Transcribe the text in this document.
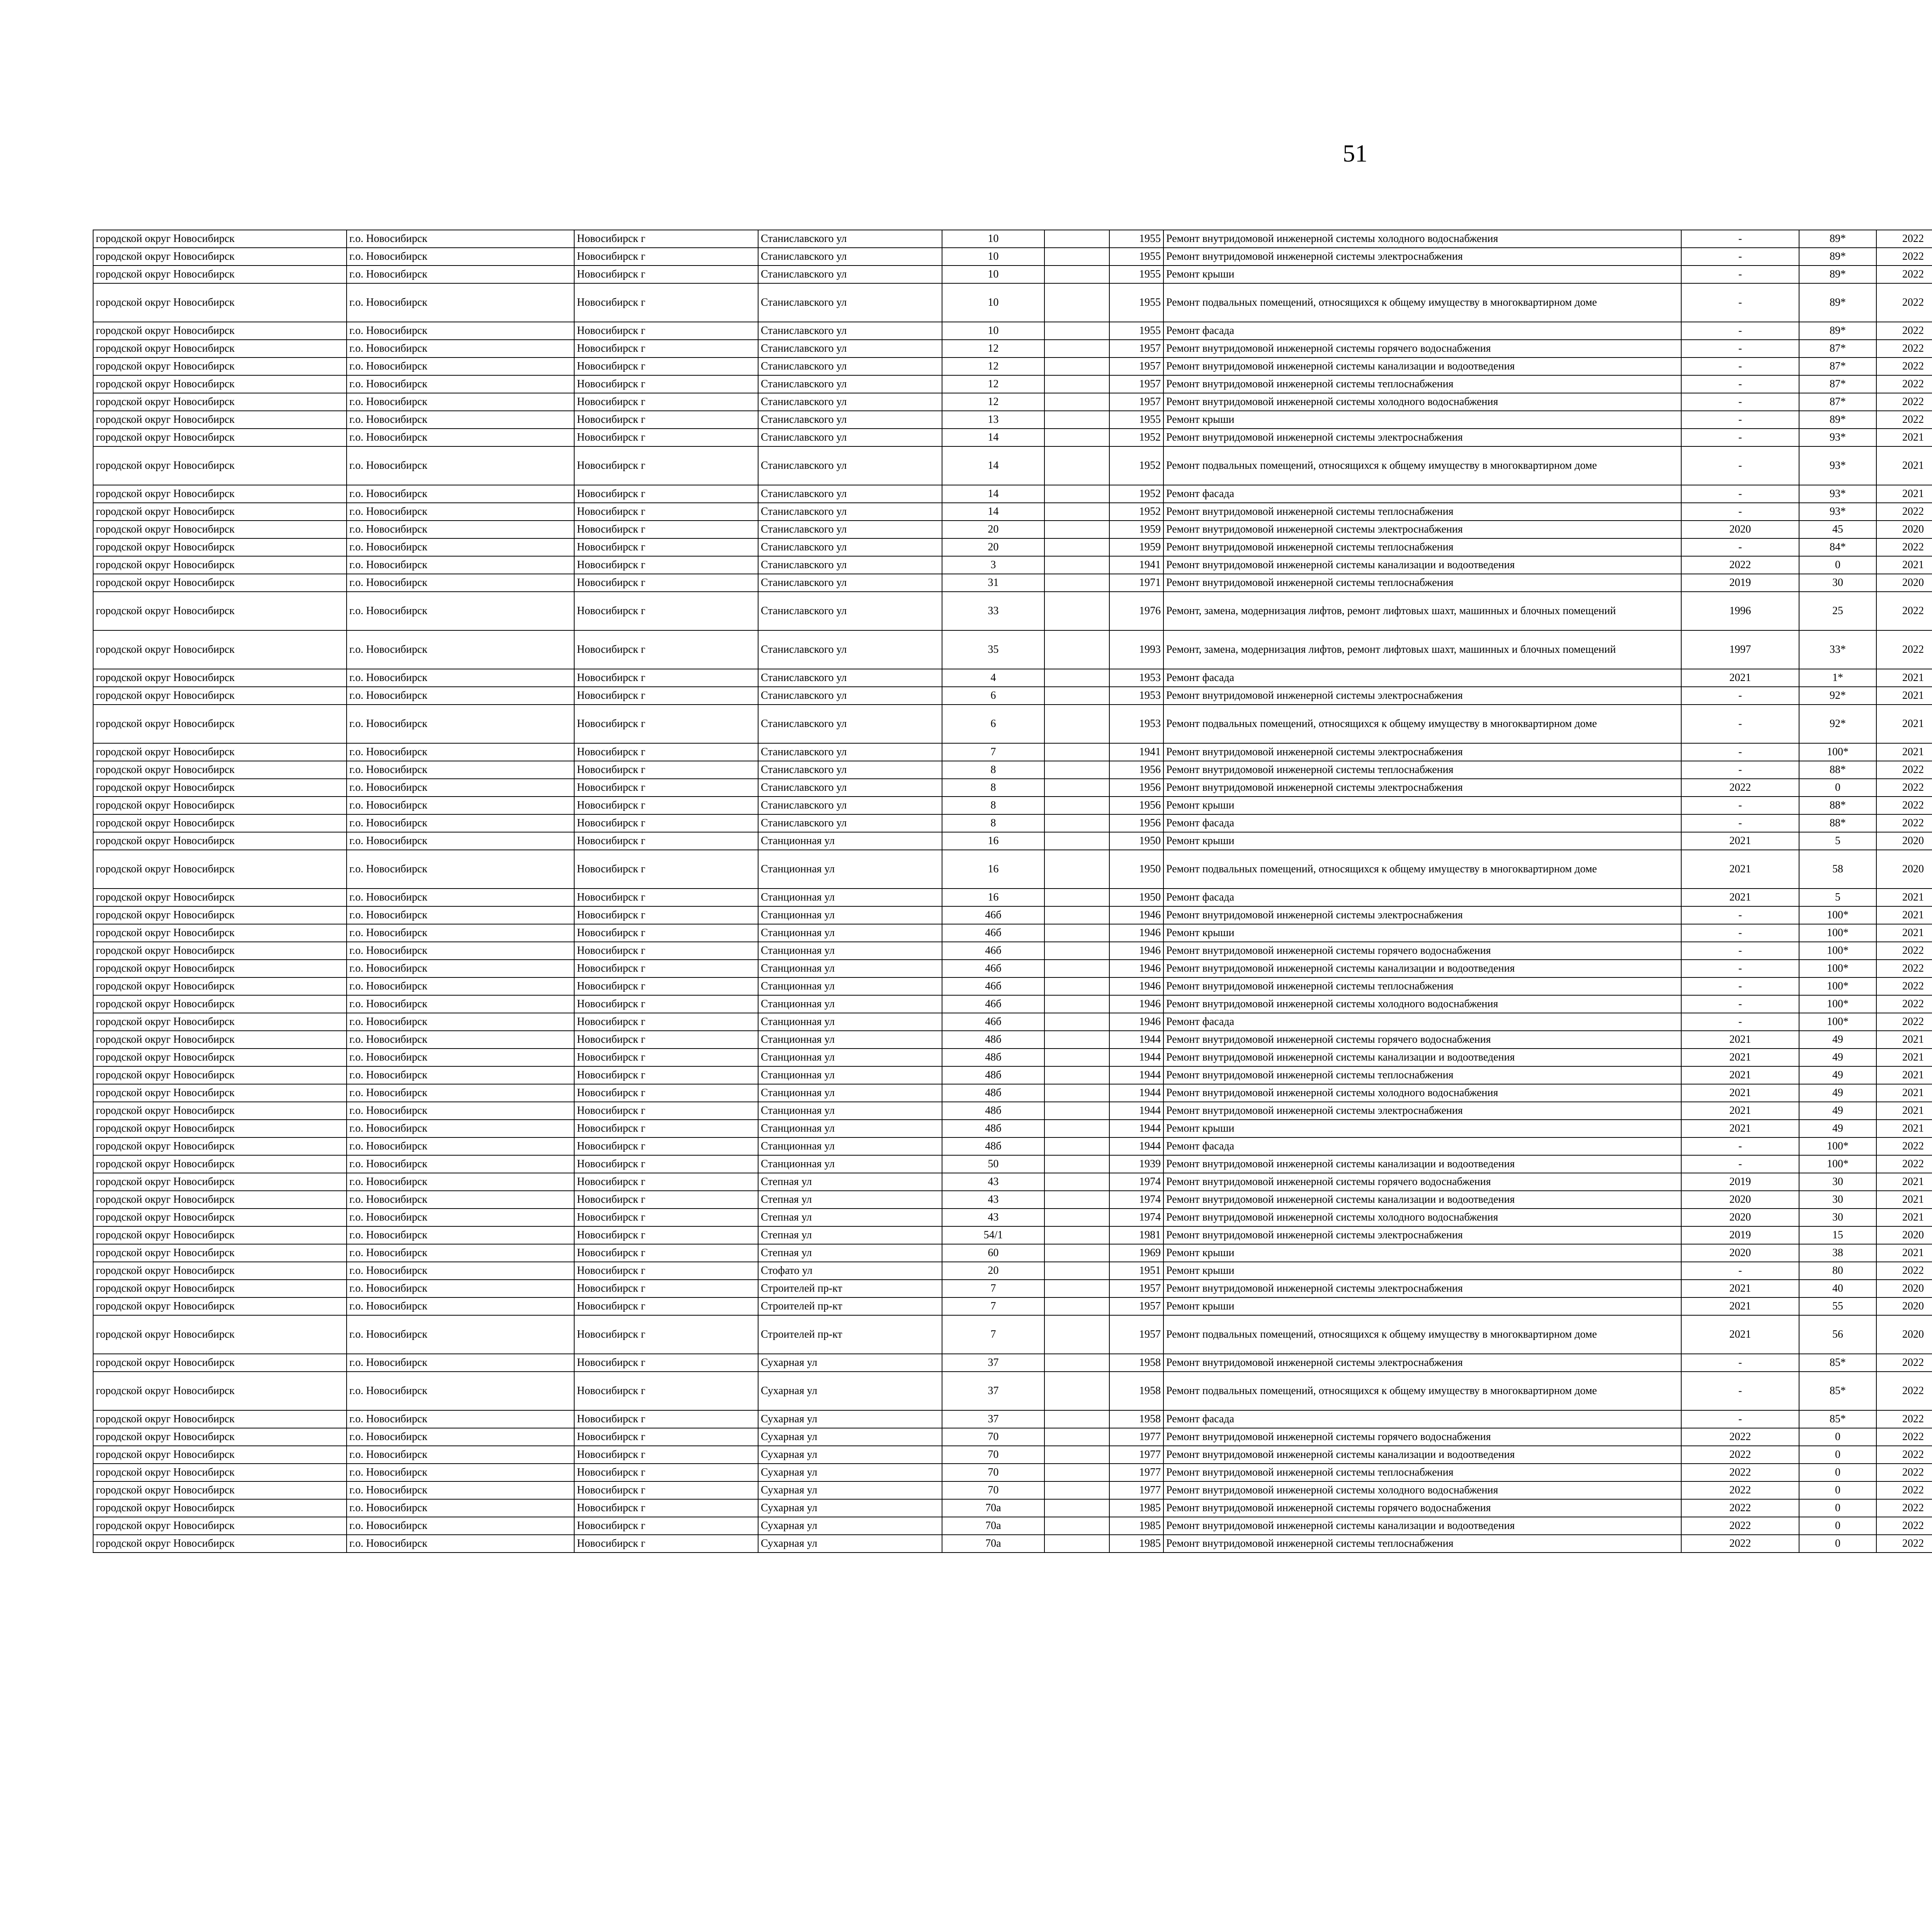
51
городской округ Новосибирск	г.о. Новосибирск	Новосибирск г	Станиславского ул	10		1955	Ремонт внутридомовой инженерной системы холодного водоснабжения	-	89*	2022						
городской округ Новосибирск	г.о. Новосибирск	Новосибирск г	Станиславского ул	10		1955	Ремонт внутридомовой инженерной системы электроснабжения	-	89*	2022						
городской округ Новосибирск	г.о. Новосибирск	Новосибирск г	Станиславского ул	10		1955	Ремонт крыши	-	89*	2022						
городской округ Новосибирск	г.о. Новосибирск	Новосибирск г	Станиславского ул	10		1955	Ремонт подвальных помещений, относящихся к общему имуществу в многоквартирном доме	-	89*	2022						
городской округ Новосибирск	г.о. Новосибирск	Новосибирск г	Станиславского ул	10		1955	Ремонт фасада	-	89*	2022						
городской округ Новосибирск	г.о. Новосибирск	Новосибирск г	Станиславского ул	12		1957	Ремонт внутридомовой инженерной системы горячего водоснабжения	-	87*	2022						
городской округ Новосибирск	г.о. Новосибирск	Новосибирск г	Станиславского ул	12		1957	Ремонт внутридомовой инженерной системы канализации и водоотведения	-	87*	2022						
городской округ Новосибирск	г.о. Новосибирск	Новосибирск г	Станиславского ул	12		1957	Ремонт внутридомовой инженерной системы теплоснабжения	-	87*	2022						
городской округ Новосибирск	г.о. Новосибирск	Новосибирск г	Станиславского ул	12		1957	Ремонт внутридомовой инженерной системы холодного водоснабжения	-	87*	2022						
городской округ Новосибирск	г.о. Новосибирск	Новосибирск г	Станиславского ул	13		1955	Ремонт крыши	-	89*	2022						
городской округ Новосибирск	г.о. Новосибирск	Новосибирск г	Станиславского ул	14		1952	Ремонт внутридомовой инженерной системы электроснабжения	-	93*	2021						
городской округ Новосибирск	г.о. Новосибирск	Новосибирск г	Станиславского ул	14		1952	Ремонт подвальных помещений, относящихся к общему имуществу в многоквартирном доме	-	93*	2021						
городской округ Новосибирск	г.о. Новосибирск	Новосибирск г	Станиславского ул	14		1952	Ремонт фасада	-	93*	2021						
городской округ Новосибирск	г.о. Новосибирск	Новосибирск г	Станиславского ул	14		1952	Ремонт внутридомовой инженерной системы теплоснабжения	-	93*	2022						
городской округ Новосибирск	г.о. Новосибирск	Новосибирск г	Станиславского ул	20		1959	Ремонт внутридомовой инженерной системы электроснабжения	2020	45	2020						
городской округ Новосибирск	г.о. Новосибирск	Новосибирск г	Станиславского ул	20		1959	Ремонт внутридомовой инженерной системы теплоснабжения	-	84*	2022						
городской округ Новосибирск	г.о. Новосибирск	Новосибирск г	Станиславского ул	3		1941	Ремонт внутридомовой инженерной системы канализации и водоотведения	2022	0	2021						
городской округ Новосибирск	г.о. Новосибирск	Новосибирск г	Станиславского ул	31		1971	Ремонт внутридомовой инженерной системы теплоснабжения	2019	30	2020						
городской округ Новосибирск	г.о. Новосибирск	Новосибирск г	Станиславского ул	33		1976	Ремонт, замена, модернизация лифтов, ремонт лифтовых шахт, машинных и блочных помещений	1996	25	2022						
городской округ Новосибирск	г.о. Новосибирск	Новосибирск г	Станиславского ул	35		1993	Ремонт, замена, модернизация лифтов, ремонт лифтовых шахт, машинных и блочных помещений	1997	33*	2022						
городской округ Новосибирск	г.о. Новосибирск	Новосибирск г	Станиславского ул	4		1953	Ремонт фасада	2021	1*	2021						
городской округ Новосибирск	г.о. Новосибирск	Новосибирск г	Станиславского ул	6		1953	Ремонт внутридомовой инженерной системы электроснабжения	-	92*	2021						
городской округ Новосибирск	г.о. Новосибирск	Новосибирск г	Станиславского ул	6		1953	Ремонт подвальных помещений, относящихся к общему имуществу в многоквартирном доме	-	92*	2021						
городской округ Новосибирск	г.о. Новосибирск	Новосибирск г	Станиславского ул	7		1941	Ремонт внутридомовой инженерной системы электроснабжения	-	100*	2021						
городской округ Новосибирск	г.о. Новосибирск	Новосибирск г	Станиславского ул	8		1956	Ремонт внутридомовой инженерной системы теплоснабжения	-	88*	2022						
городской округ Новосибирск	г.о. Новосибирск	Новосибирск г	Станиславского ул	8		1956	Ремонт внутридомовой инженерной системы электроснабжения	2022	0	2022						
городской округ Новосибирск	г.о. Новосибирск	Новосибирск г	Станиславского ул	8		1956	Ремонт крыши	-	88*	2022						
городской округ Новосибирск	г.о. Новосибирск	Новосибирск г	Станиславского ул	8		1956	Ремонт фасада	-	88*	2022						
городской округ Новосибирск	г.о. Новосибирск	Новосибирск г	Станционная ул	16		1950	Ремонт крыши	2021	5	2020						
городской округ Новосибирск	г.о. Новосибирск	Новосибирск г	Станционная ул	16		1950	Ремонт подвальных помещений, относящихся к общему имуществу в многоквартирном доме	2021	58	2020						
городской округ Новосибирск	г.о. Новосибирск	Новосибирск г	Станционная ул	16		1950	Ремонт фасада	2021	5	2021						
городской округ Новосибирск	г.о. Новосибирск	Новосибирск г	Станционная ул	46б		1946	Ремонт внутридомовой инженерной системы электроснабжения	-	100*	2021						
городской округ Новосибирск	г.о. Новосибирск	Новосибирск г	Станционная ул	46б		1946	Ремонт крыши	-	100*	2021						
городской округ Новосибирск	г.о. Новосибирск	Новосибирск г	Станционная ул	46б		1946	Ремонт внутридомовой инженерной системы горячего водоснабжения	-	100*	2022						
городской округ Новосибирск	г.о. Новосибирск	Новосибирск г	Станционная ул	46б		1946	Ремонт внутридомовой инженерной системы канализации и водоотведения	-	100*	2022						
городской округ Новосибирск	г.о. Новосибирск	Новосибирск г	Станционная ул	46б		1946	Ремонт внутридомовой инженерной системы теплоснабжения	-	100*	2022						
городской округ Новосибирск	г.о. Новосибирск	Новосибирск г	Станционная ул	46б		1946	Ремонт внутридомовой инженерной системы холодного водоснабжения	-	100*	2022						
городской округ Новосибирск	г.о. Новосибирск	Новосибирск г	Станционная ул	46б		1946	Ремонт фасада	-	100*	2022						
городской округ Новосибирск	г.о. Новосибирск	Новосибирск г	Станционная ул	48б		1944	Ремонт внутридомовой инженерной системы горячего водоснабжения	2021	49	2021						
городской округ Новосибирск	г.о. Новосибирск	Новосибирск г	Станционная ул	48б		1944	Ремонт внутридомовой инженерной системы канализации и водоотведения	2021	49	2021						
городской округ Новосибирск	г.о. Новосибирск	Новосибирск г	Станционная ул	48б		1944	Ремонт внутридомовой инженерной системы теплоснабжения	2021	49	2021						
городской округ Новосибирск	г.о. Новосибирск	Новосибирск г	Станционная ул	48б		1944	Ремонт внутридомовой инженерной системы холодного водоснабжения	2021	49	2021						
городской округ Новосибирск	г.о. Новосибирск	Новосибирск г	Станционная ул	48б		1944	Ремонт внутридомовой инженерной системы электроснабжения	2021	49	2021						
городской округ Новосибирск	г.о. Новосибирск	Новосибирск г	Станционная ул	48б		1944	Ремонт крыши	2021	49	2021						
городской округ Новосибирск	г.о. Новосибирск	Новосибирск г	Станционная ул	48б		1944	Ремонт фасада	-	100*	2022						
городской округ Новосибирск	г.о. Новосибирск	Новосибирск г	Станционная ул	50		1939	Ремонт внутридомовой инженерной системы канализации и водоотведения	-	100*	2022						
городской округ Новосибирск	г.о. Новосибирск	Новосибирск г	Степная ул	43		1974	Ремонт внутридомовой инженерной системы горячего водоснабжения	2019	30	2021						
городской округ Новосибирск	г.о. Новосибирск	Новосибирск г	Степная ул	43		1974	Ремонт внутридомовой инженерной системы канализации и водоотведения	2020	30	2021						
городской округ Новосибирск	г.о. Новосибирск	Новосибирск г	Степная ул	43		1974	Ремонт внутридомовой инженерной системы холодного водоснабжения	2020	30	2021						
городской округ Новосибирск	г.о. Новосибирск	Новосибирск г	Степная ул	54/1		1981	Ремонт внутридомовой инженерной системы электроснабжения	2019	15	2020						
городской округ Новосибирск	г.о. Новосибирск	Новосибирск г	Степная ул	60		1969	Ремонт крыши	2020	38	2021						
городской округ Новосибирск	г.о. Новосибирск	Новосибирск г	Стофато ул	20		1951	Ремонт крыши	-	80	2022						
городской округ Новосибирск	г.о. Новосибирск	Новосибирск г	Строителей пр-кт	7		1957	Ремонт внутридомовой инженерной системы электроснабжения	2021	40	2020						
городской округ Новосибирск	г.о. Новосибирск	Новосибирск г	Строителей пр-кт	7		1957	Ремонт крыши	2021	55	2020						
городской округ Новосибирск	г.о. Новосибирск	Новосибирск г	Строителей пр-кт	7		1957	Ремонт подвальных помещений, относящихся к общему имуществу в многоквартирном доме	2021	56	2020						
городской округ Новосибирск	г.о. Новосибирск	Новосибирск г	Сухарная ул	37		1958	Ремонт внутридомовой инженерной системы электроснабжения	-	85*	2022						
городской округ Новосибирск	г.о. Новосибирск	Новосибирск г	Сухарная ул	37		1958	Ремонт подвальных помещений, относящихся к общему имуществу в многоквартирном доме	-	85*	2022						
городской округ Новосибирск	г.о. Новосибирск	Новосибирск г	Сухарная ул	37		1958	Ремонт фасада	-	85*	2022						
городской округ Новосибирск	г.о. Новосибирск	Новосибирск г	Сухарная ул	70		1977	Ремонт внутридомовой инженерной системы горячего водоснабжения	2022	0	2022						
городской округ Новосибирск	г.о. Новосибирск	Новосибирск г	Сухарная ул	70		1977	Ремонт внутридомовой инженерной системы канализации и водоотведения	2022	0	2022						
городской округ Новосибирск	г.о. Новосибирск	Новосибирск г	Сухарная ул	70		1977	Ремонт внутридомовой инженерной системы теплоснабжения	2022	0	2022						
городской округ Новосибирск	г.о. Новосибирск	Новосибирск г	Сухарная ул	70		1977	Ремонт внутридомовой инженерной системы холодного водоснабжения	2022	0	2022						
городской округ Новосибирск	г.о. Новосибирск	Новосибирск г	Сухарная ул	70а		1985	Ремонт внутридомовой инженерной системы горячего водоснабжения	2022	0	2022						
городской округ Новосибирск	г.о. Новосибирск	Новосибирск г	Сухарная ул	70а		1985	Ремонт внутридомовой инженерной системы канализации и водоотведения	2022	0	2022						
городской округ Новосибирск	г.о. Новосибирск	Новосибирск г	Сухарная ул	70а		1985	Ремонт внутридомовой инженерной системы теплоснабжения	2022	0	2022						
